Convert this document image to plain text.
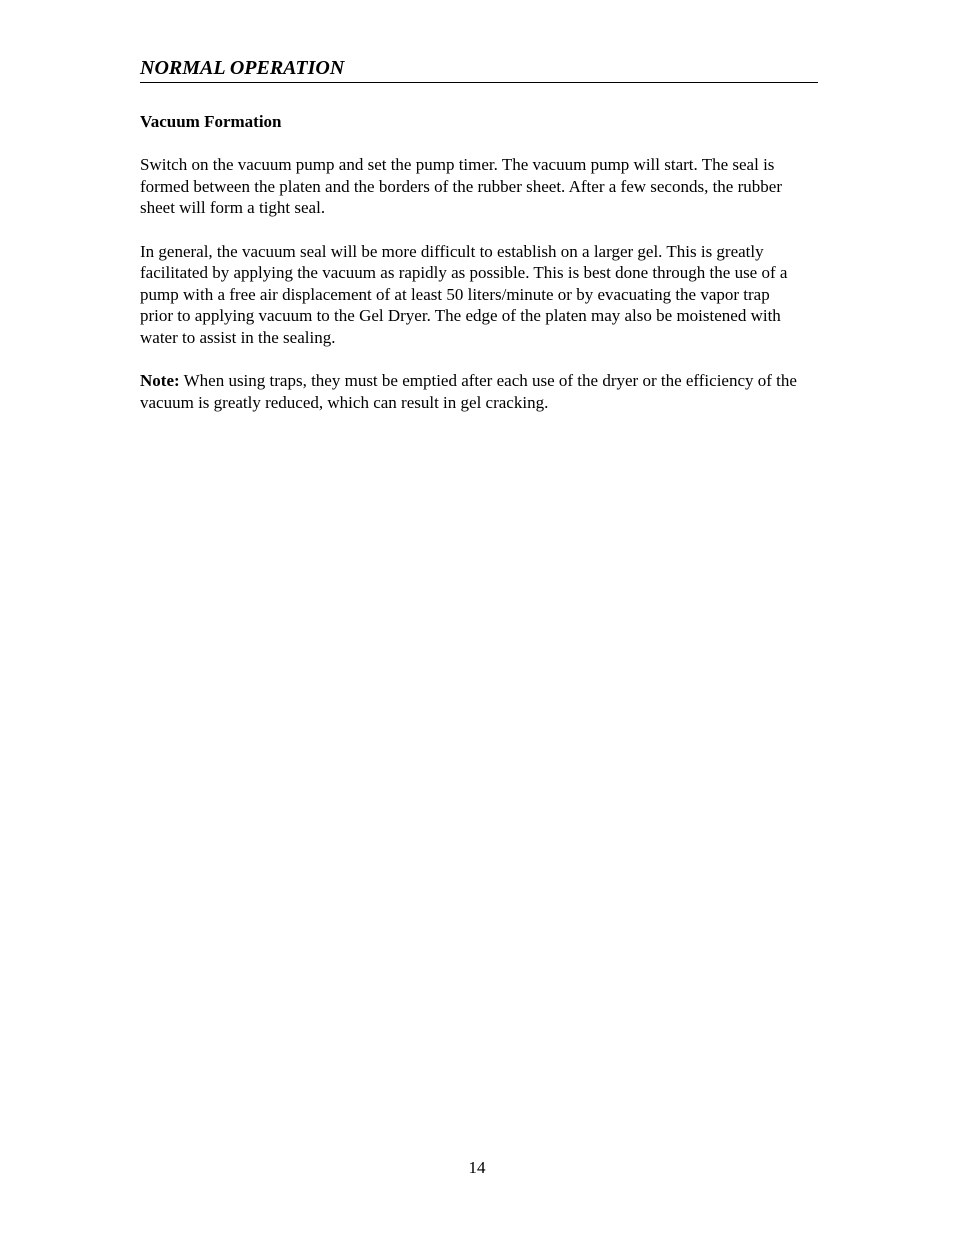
NORMAL OPERATION

Vacuum Formation

Switch on the vacuum pump and set the pump timer. The vacuum pump will start. The seal is formed between the platen and the borders of the rubber sheet. After a few seconds, the rubber sheet will form a tight seal.

In general, the vacuum seal will be more difficult to establish on a larger gel. This is greatly facilitated by applying the vacuum as rapidly as possible. This is best done through the use of a pump with a free air displacement of at least 50 liters/minute or by evacuating the vapor trap prior to applying vacuum to the Gel Dryer. The edge of the platen may also be moistened with water to assist in the sealing.

Note: When using traps, they must be emptied after each use of the dryer or the efficiency of the vacuum is greatly reduced, which can result in gel cracking.

14
